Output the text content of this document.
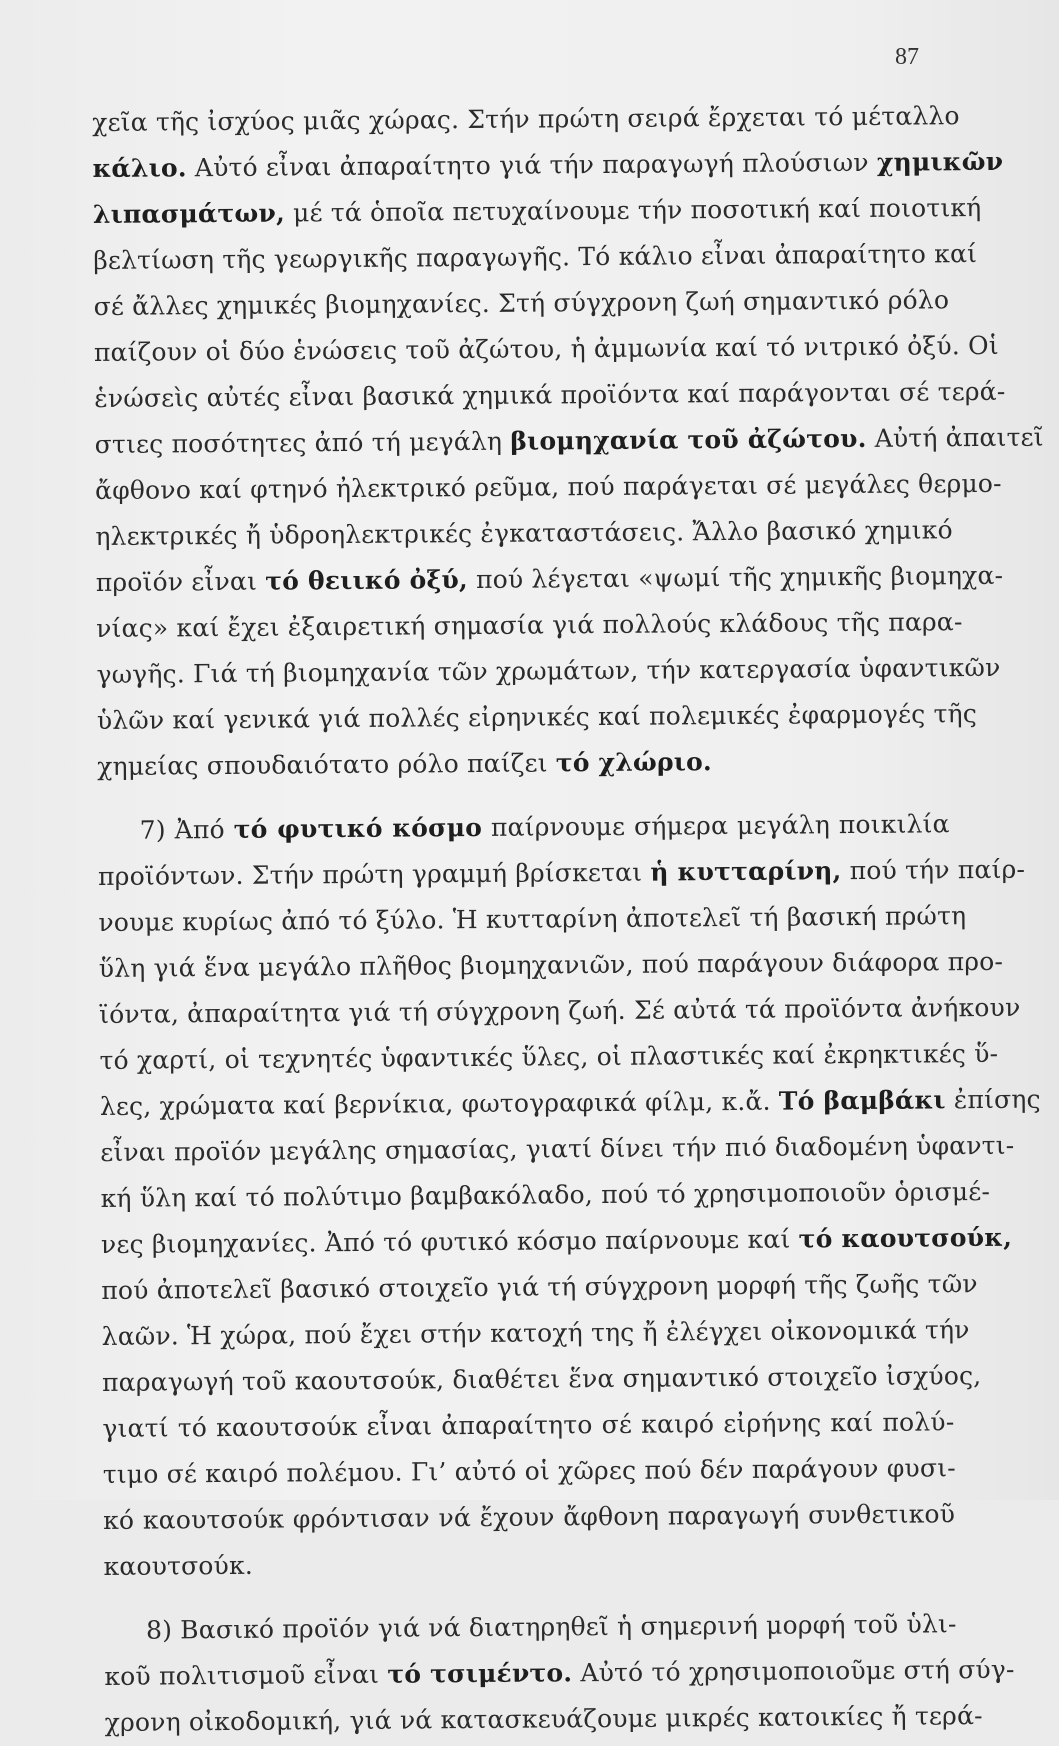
87
χεῖα τῆς ἰσχύος μιᾶς χώρας. Στήν πρώτη σειρά ἔρχεται τό μέταλλο
κάλιο. Αὐτό εἶναι ἀπαραίτητο γιά τήν παραγωγή πλούσιων χημικῶν
λιπασμάτων, μέ τά ὁποῖα πετυχαίνουμε τήν ποσοτική καί ποιοτική
βελτίωση τῆς γεωργικῆς παραγωγῆς. Τό κάλιο εἶναι ἀπαραίτητο καί
σέ ἄλλες χημικές βιομηχανίες. Στή σύγχρονη ζωή σημαντικό ρόλο
παίζουν οἱ δύο ἑνώσεις τοῦ ἀζώτου, ἡ ἀμμωνία καί τό νιτρικό ὀξύ. Οἱ
ἑνώσεὶς αὐτές εἶναι βασικά χημικά προϊόντα καί παράγονται σέ τερά-
στιες ποσότητες ἀπό τή μεγάλη βιομηχανία τοῦ ἀζώτου. Αὐτή ἀπαιτεῖ
ἄφθονο καί φτηνό ἠλεκτρικό ρεῦμα, πού παράγεται σέ μεγάλες θερμο-
ηλεκτρικές ἤ ὑδροηλεκτρικές ἐγκαταστάσεις. Ἄλλο βασικό χημικό
προϊόν εἶναι τό θειικό ὀξύ, πού λέγεται «ψωμί τῆς χημικῆς βιομηχα-
νίας» καί ἔχει ἐξαιρετική σημασία γιά πολλούς κλάδους τῆς παρα-
γωγῆς. Γιά τή βιομηχανία τῶν χρωμάτων, τήν κατεργασία ὑφαντικῶν
ὑλῶν καί γενικά γιά πολλές εἰρηνικές καί πολεμικές ἐφαρμογές τῆς
χημείας σπουδαιότατο ρόλο παίζει τό χλώριο.
7) Ἀπό τό φυτικό κόσμο παίρνουμε σήμερα μεγάλη ποικιλία
προϊόντων. Στήν πρώτη γραμμή βρίσκεται ἡ κυτταρίνη, πού τήν παίρ-
νουμε κυρίως ἀπό τό ξύλο. Ἡ κυτταρίνη ἀποτελεῖ τή βασική πρώτη
ὕλη γιά ἕνα μεγάλο πλῆθος βιομηχανιῶν, πού παράγουν διάφορα προ-
ϊόντα, ἀπαραίτητα γιά τή σύγχρονη ζωή. Σέ αὐτά τά προϊόντα ἀνήκουν
τό χαρτί, οἱ τεχνητές ὑφαντικές ὕλες, οἱ πλαστικές καί ἐκρηκτικές ὕ-
λες, χρώματα καί βερνίκια, φωτογραφικά φίλμ, κ.ἄ. Τό βαμβάκι ἐπίσης
εἶναι προϊόν μεγάλης σημασίας, γιατί δίνει τήν πιό διαδομένη ὑφαντι-
κή ὕλη καί τό πολύτιμο βαμβακόλαδο, πού τό χρησιμοποιοῦν ὁρισμέ-
νες βιομηχανίες. Ἀπό τό φυτικό κόσμο παίρνουμε καί τό καουτσούκ,
πού ἀποτελεῖ βασικό στοιχεῖο γιά τή σύγχρονη μορφή τῆς ζωῆς τῶν
λαῶν. Ἡ χώρα, πού ἔχει στήν κατοχή της ἤ ἐλέγχει οἰκονομικά τήν
παραγωγή τοῦ καουτσούκ, διαθέτει ἕνα σημαντικό στοιχεῖο ἰσχύος,
γιατί τό καουτσούκ εἶναι ἀπαραίτητο σέ καιρό εἰρήνης καί πολύ-
τιμο σέ καιρό πολέμου. Γι’ αὐτό οἱ χῶρες πού δέν παράγουν φυσι-
κό καουτσούκ φρόντισαν νά ἔχουν ἄφθονη παραγωγή συνθετικοῦ
καουτσούκ.
8) Βασικό προϊόν γιά νά διατηρηθεῖ ἡ σημερινή μορφή τοῦ ὑλι-
κοῦ πολιτισμοῦ εἶναι τό τσιμέντο. Αὐτό τό χρησιμοποιοῦμε στή σύγ-
χρονη οἰκοδομική, γιά νά κατασκευάζουμε μικρές κατοικίες ἤ τερά-
